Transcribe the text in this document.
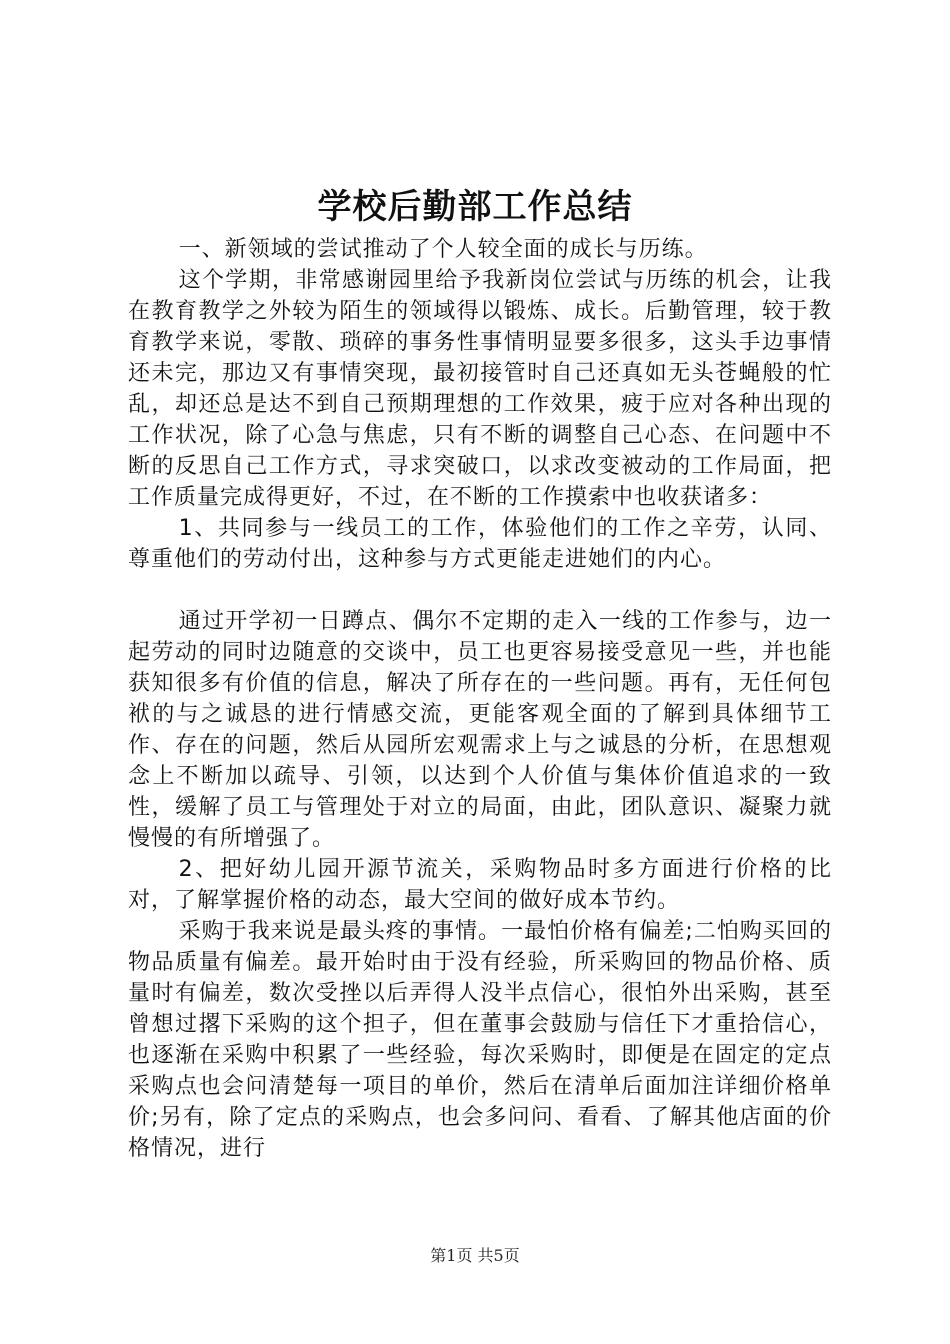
学校后勤部工作总结

一、新领域的尝试推动了个人较全面的成长与历练。

这个学期，非常感谢园里给予我新岗位尝试与历练的机会，让我在教育教学之外较为陌生的领域得以锻炼、成长。后勤管理，较于教育教学来说，零散、琐碎的事务性事情明显要多很多，这头手边事情还未完，那边又有事情突现，最初接管时自己还真如无头苍蝇般的忙乱，却还总是达不到自己预期理想的工作效果，疲于应对各种出现的工作状况，除了心急与焦虑，只有不断的调整自己心态、在问题中不断的反思自己工作方式，寻求突破口，以求改变被动的工作局面，把工作质量完成得更好，不过，在不断的工作摸索中也收获诸多：

1、共同参与一线员工的工作，体验他们的工作之辛劳，认同、尊重他们的劳动付出，这种参与方式更能走进她们的内心。

通过开学初一日蹲点、偶尔不定期的走入一线的工作参与，边一起劳动的同时边随意的交谈中，员工也更容易接受意见一些，并也能获知很多有价值的信息，解决了所存在的一些问题。再有，无任何包袱的与之诚恳的进行情感交流，更能客观全面的了解到具体细节工作、存在的问题，然后从园所宏观需求上与之诚恳的分析，在思想观念上不断加以疏导、引领，以达到个人价值与集体价值追求的一致性，缓解了员工与管理处于对立的局面，由此，团队意识、凝聚力就慢慢的有所增强了。

2、把好幼儿园开源节流关，采购物品时多方面进行价格的比对，了解掌握价格的动态，最大空间的做好成本节约。

采购于我来说是最头疼的事情。一最怕价格有偏差;二怕购买回的物品质量有偏差。最开始时由于没有经验，所采购回的物品价格、质量时有偏差，数次受挫以后弄得人没半点信心，很怕外出采购，甚至曾想过撂下采购的这个担子，但在董事会鼓励与信任下才重拾信心，也逐渐在采购中积累了一些经验，每次采购时，即便是在固定的定点采购点也会问清楚每一项目的单价，然后在清单后面加注详细价格单价;另有，除了定点的采购点，也会多问问、看看、了解其他店面的价格情况，进行

第1页 共5页
